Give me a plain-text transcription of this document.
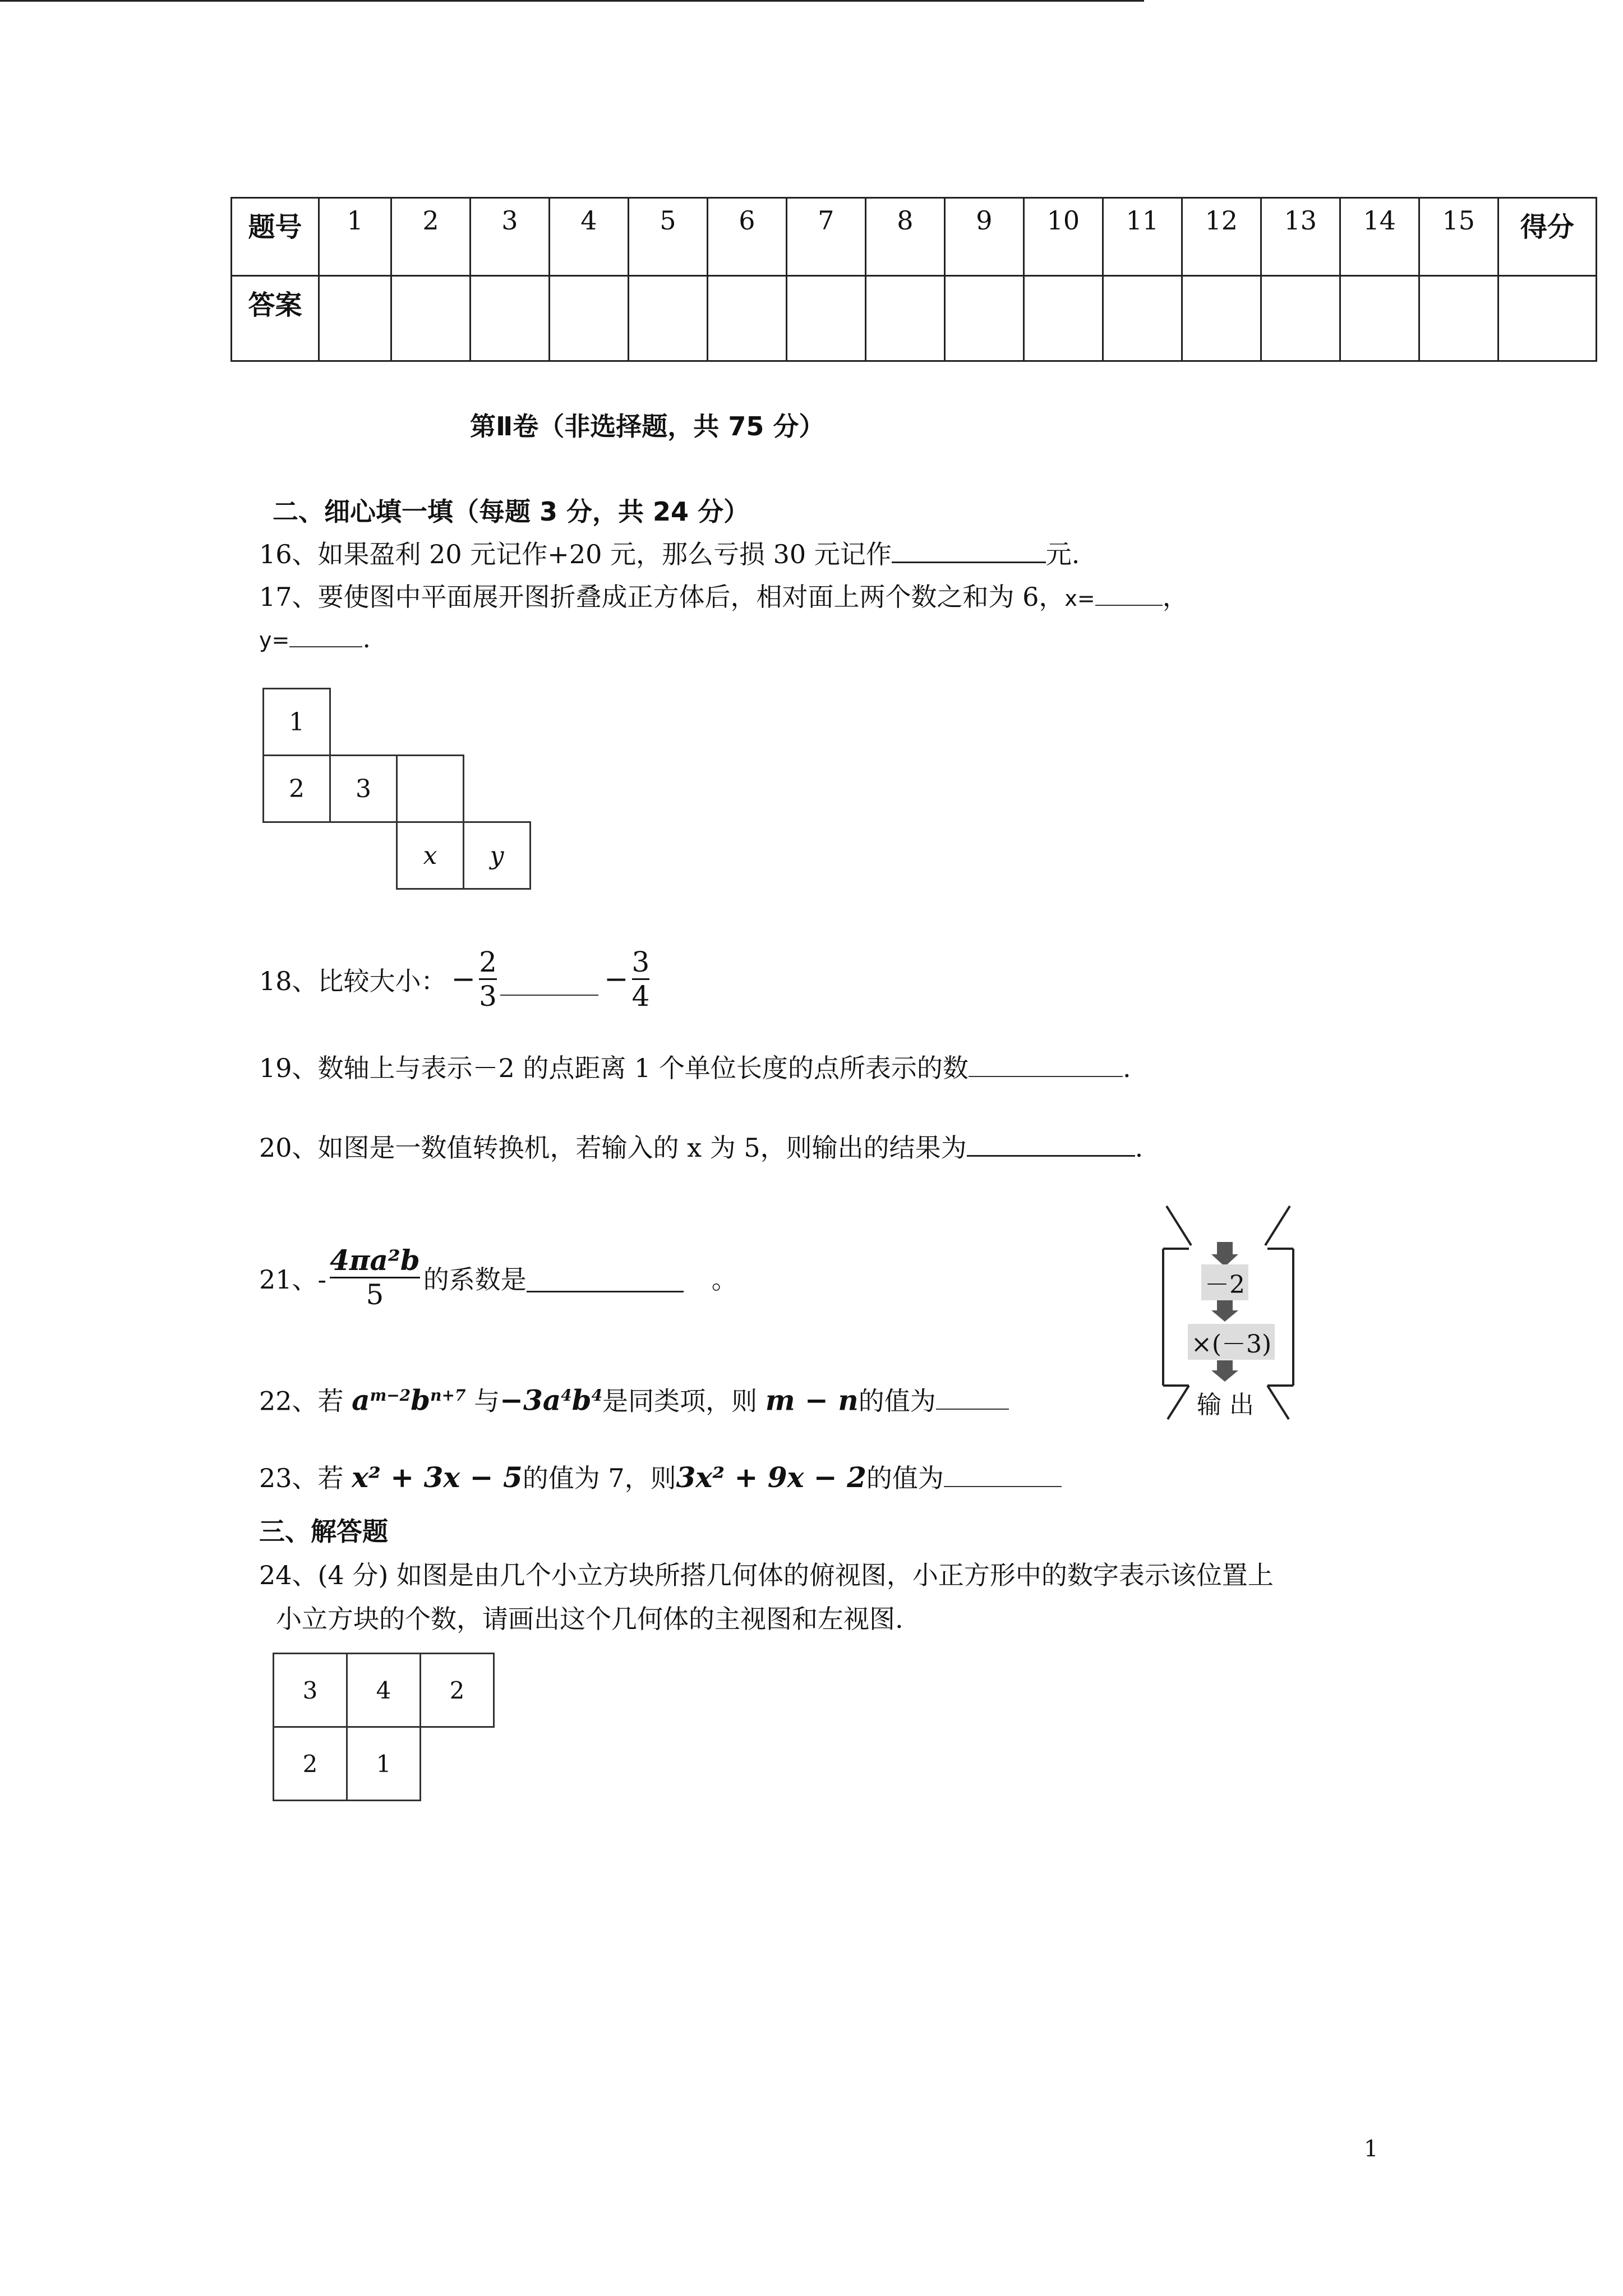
题号	1	2	3	4	5	6	7	8	9	10	11	12	13	14	15	得分
答案																
第Ⅱ卷（非选择题，共 75 分）
二、细心填一填（每题 3 分，共 24 分）
16、如果盈利 20 元记作+20 元，那么亏损 30 元记作	元.
17、要使图中平面展开图折叠成正方体后，相对面上两个数之和为 6，x=	，
y=	.
1
2	3
x	y
18、比较大小： − $\frac{2}{3}$	− $\frac{3}{4}$
19、数轴上与表示－2 的点距离 1 个单位长度的点所表示的数	.
20、如图是一数值转换机，若输入的 x 为 5，则输出的结果为	.
－2
×(－3)
输 出
21、- $\frac{\text{4πa²b}}{5}$ 的系数是	。
22、若 $a^{m-2}b^{n+7}$ 与$-3a^4b^4$是同类项，则 m − n的值为
23、若 x² + 3x − 5的值为 7，则3x² + 9x − 2的值为
三、解答题
24、(4 分) 如图是由几个小立方块所搭几何体的俯视图，小正方形中的数字表示该位置上
小立方块的个数，请画出这个几何体的主视图和左视图.
3	4	2
2	1
1
